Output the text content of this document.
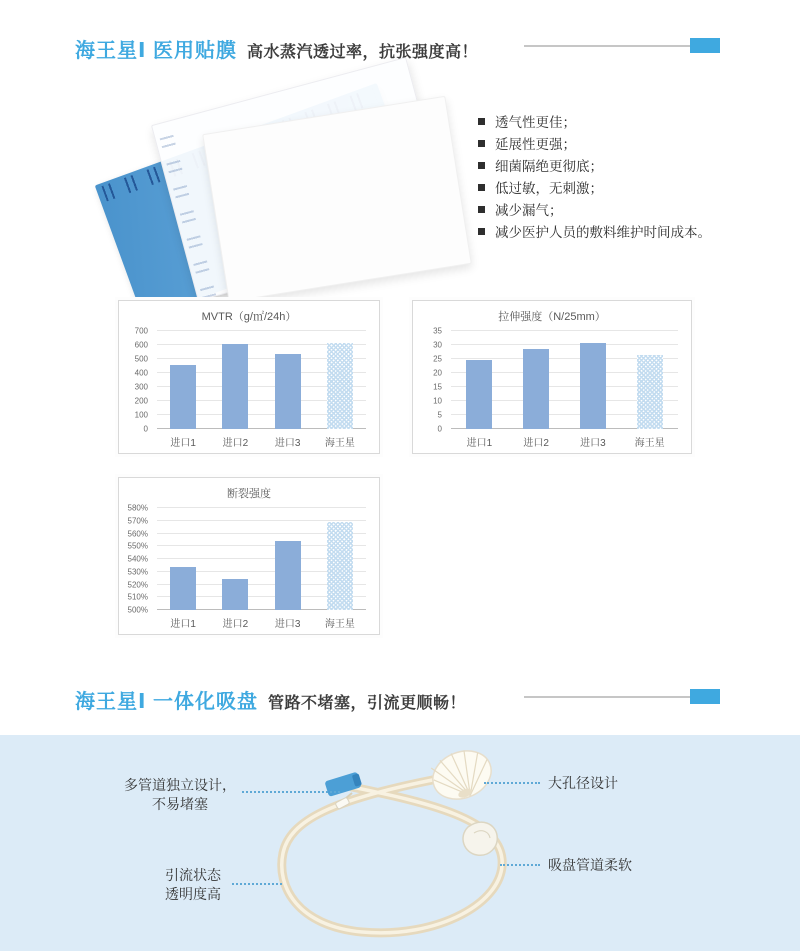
海王星Ⅰ 医用贴膜 高水蒸汽透过率，抗张强度高！
透气性更佳；
延展性更强；
细菌隔绝更彻底；
低过敏，无刺激；
减少漏气；
减少医护人员的敷料维护时间成本。
MVTR（g/㎡/24h）
0
100
200
300
400
500
600
700
进口1	进口2	进口3	海王星
拉伸强度（N/25mm）
0
5
10
15
20
25
30
35
进口1	进口2	进口3	海王星
断裂强度
500%
510%
520%
530%
540%
550%
560%
570%
580%
进口1	进口2	进口3	海王星
海王星Ⅰ 一体化吸盘 管路不堵塞，引流更顺畅！
多管道独立设计，
不易堵塞
大孔径设计
吸盘管道柔软
引流状态
透明度高
